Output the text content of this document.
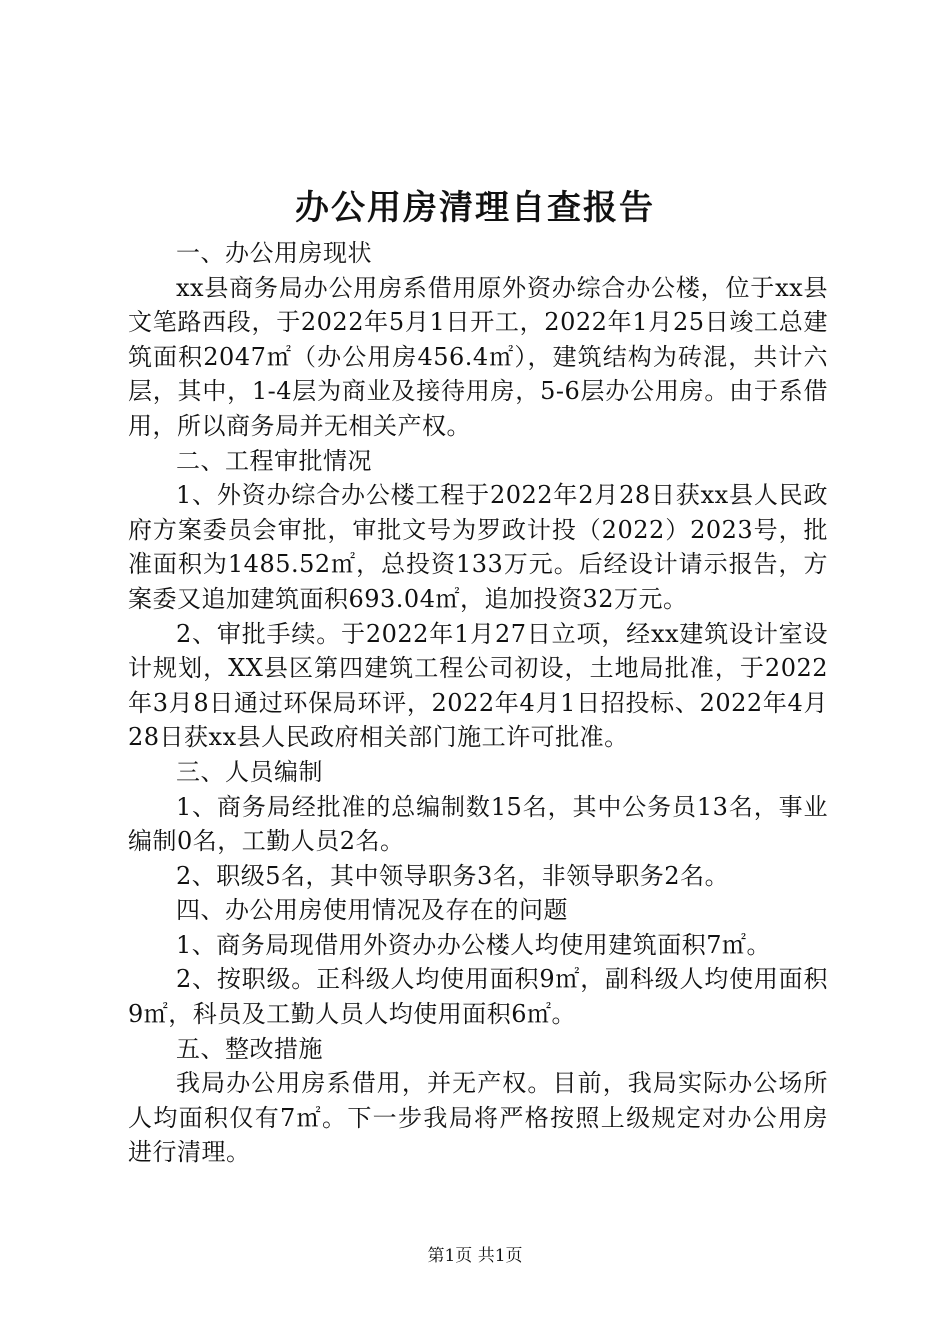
办公用房清理自查报告

一、办公用房现状

xx县商务局办公用房系借用原外资办综合办公楼，位于xx县文笔路西段，于2022年5月1日开工，2022年1月25日竣工总建筑面积2047㎡（办公用房456.4㎡），建筑结构为砖混，共计六层，其中，1-4层为商业及接待用房，5-6层办公用房。由于系借用，所以商务局并无相关产权。

二、工程审批情况

1、外资办综合办公楼工程于2022年2月28日获xx县人民政府方案委员会审批，审批文号为罗政计投（2022）2023号，批准面积为1485.52㎡，总投资133万元。后经设计请示报告，方案委又追加建筑面积693.04㎡，追加投资32万元。

2、审批手续。于2022年1月27日立项，经xx建筑设计室设计规划，XX县区第四建筑工程公司初设，土地局批准，于2022年3月8日通过环保局环评，2022年4月1日招投标、2022年4月28日获xx县人民政府相关部门施工许可批准。

三、人员编制

1、商务局经批准的总编制数15名，其中公务员13名，事业编制0名，工勤人员2名。

2、职级5名，其中领导职务3名，非领导职务2名。

四、办公用房使用情况及存在的问题

1、商务局现借用外资办办公楼人均使用建筑面积7㎡。

2、按职级。正科级人均使用面积9㎡，副科级人均使用面积9㎡，科员及工勤人员人均使用面积6㎡。

五、整改措施

我局办公用房系借用，并无产权。目前，我局实际办公场所人均面积仅有7㎡。下一步我局将严格按照上级规定对办公用房进行清理。

第1页 共1页
